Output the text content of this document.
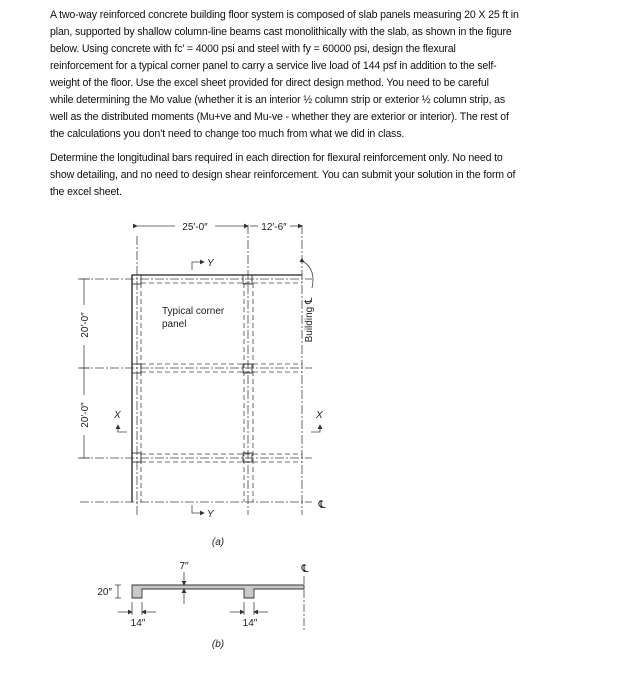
A two-way reinforced concrete building floor system is composed of slab panels measuring 20 X 25 ft in
plan, supported by shallow column-line beams cast monolithically with the slab, as shown in the figure
below. Using concrete with fc’ = 4000 psi and steel with fy = 60000 psi, design the flexural
reinforcement for a typical corner panel to carry a service live load of 144 psf in addition to the self-
weight of the floor. Use the excel sheet provided for direct design method. You need to be careful
while determining the Mo value (whether it is an interior ½ column strip or exterior ½ column strip, as
well as the distributed moments (Mu+ve and Mu-ve - whether they are exterior or interior). The rest of
the calculations you don’t need to change too much from what we did in class.
Determine the longitudinal bars required in each direction for flexural reinforcement only. No need to
show detailing, and no need to design shear reinforcement. You can submit your solution in the form of
the excel sheet.
25′-0″	12′-6″
20′-0″
20′-0″
Typical corner
panel	Building ℄
℄
Y
Y
X	X
(a)
7″
20″
14″	14″
℄
(b)
